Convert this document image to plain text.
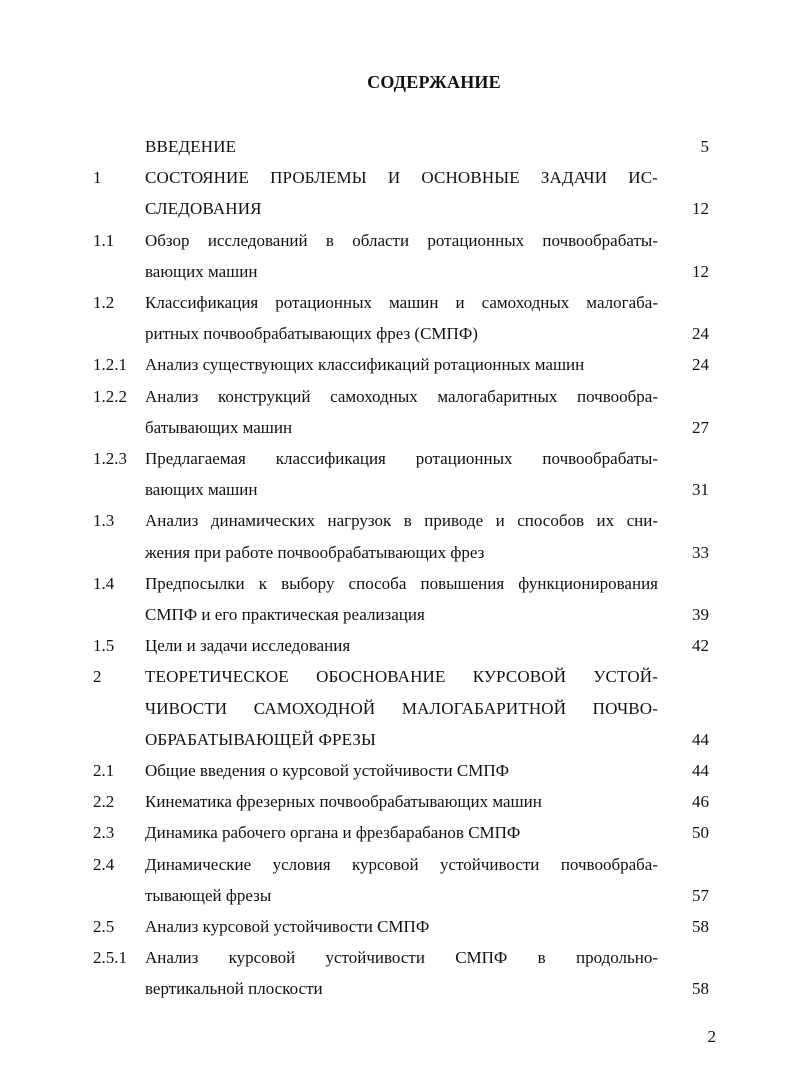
СОДЕРЖАНИЕ
ВВЕДЕНИЕ	5
1	СОСТОЯНИЕ ПРОБЛЕМЫ И ОСНОВНЫЕ ЗАДАЧИ ИС-
СЛЕДОВАНИЯ	12
1.1 Обзор исследований в области ротационных почвообрабаты-
вающих машин	12
1.2 Классификация ротационных машин и самоходных малогаба-
ритных почвообрабатывающих фрез (СМПФ)	24
1.2.1 Анализ существующих классификаций ротационных машин	24
1.2.2 Анализ конструкций самоходных малогабаритных почвообра-
батывающих машин	27
1.2.3 Предлагаемая классификация ротационных почвообрабаты-
вающих машин	31
1.3 Анализ динамических нагрузок в приводе и способов их сни-
жения при работе почвообрабатывающих фрез	33
1.4 Предпосылки к выбору способа повышения функционирования
СМПФ и его практическая реализация	39
1.5 Цели и задачи исследования	42
2	ТЕОРЕТИЧЕСКОЕ ОБОСНОВАНИЕ КУРСОВОЙ УСТОЙ-
ЧИВОСТИ САМОХОДНОЙ МАЛОГАБАРИТНОЙ ПОЧВО-
ОБРАБАТЫВАЮЩЕЙ ФРЕЗЫ	44
2.1 Общие введения о курсовой устойчивости СМПФ	44
2.2 Кинематика фрезерных почвообрабатывающих машин	46
2.3 Динамика рабочего органа и фрезбарабанов СМПФ	50
2.4 Динамические условия курсовой устойчивости почвообраба-
тывающей фрезы	57
2.5 Анализ курсовой устойчивости СМПФ	58
2.5.1 Анализ курсовой устойчивости СМПФ в продольно-
вертикальной плоскости	58
2
